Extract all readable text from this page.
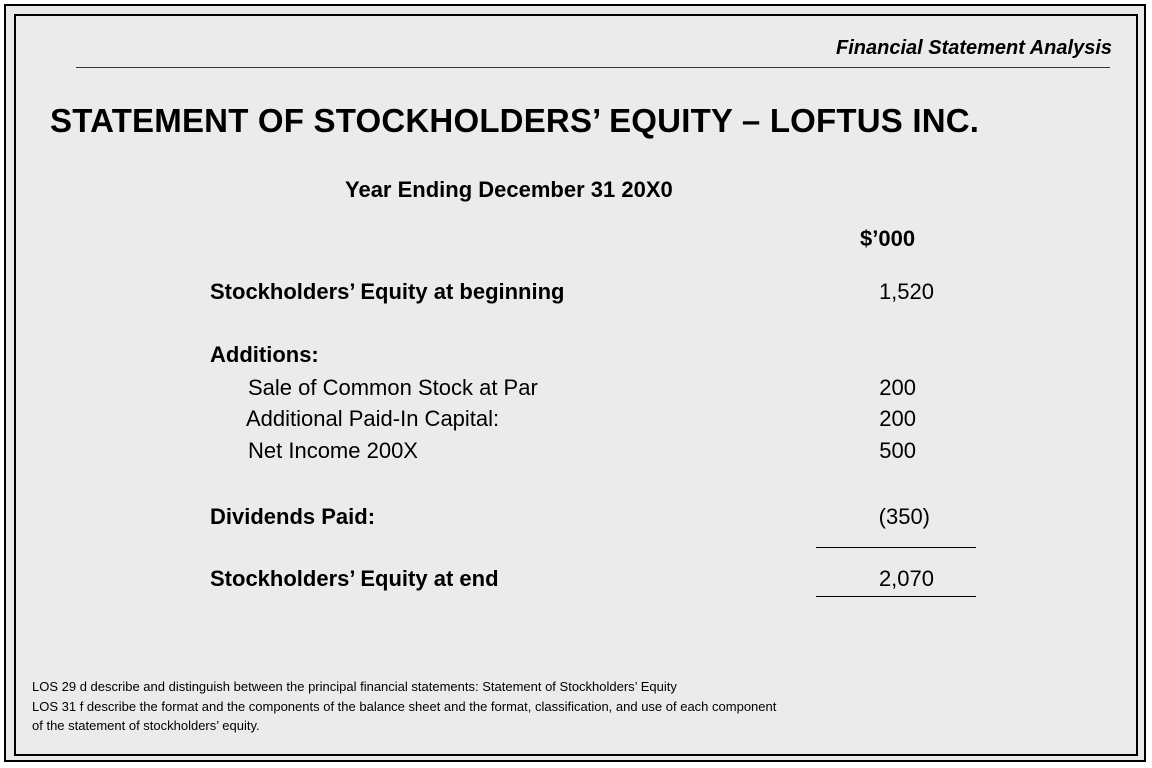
Financial Statement Analysis
STATEMENT OF STOCKHOLDERS’ EQUITY – LOFTUS INC.
Year Ending December 31 20X0
$’000
Stockholders’ Equity at beginning	1,520
Additions:
Sale of Common Stock at Par	200
Additional Paid-In Capital:	200
Net Income 200X	500
Dividends Paid:	(350)
Stockholders’ Equity at end	2,070
LOS 29 d describe and distinguish between the principal financial statements: Statement of Stockholders’ Equity
LOS 31 f describe the format and the components of the balance sheet and the format, classification, and use of each component
of the statement of stockholders’ equity.
